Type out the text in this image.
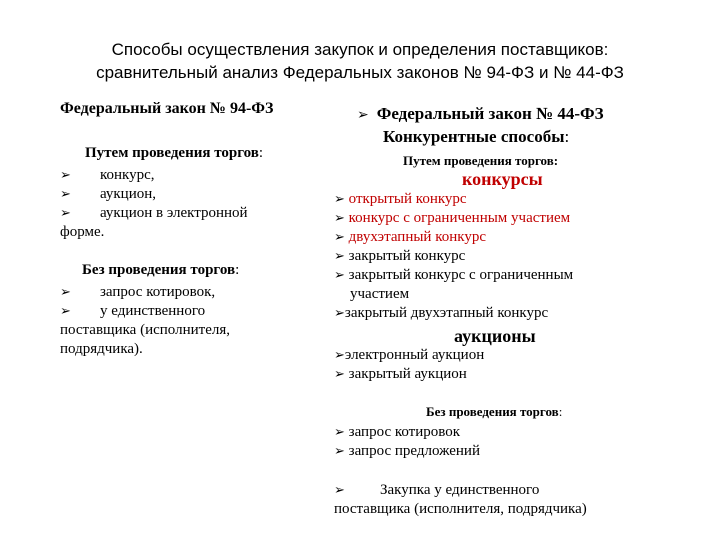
Способы осуществления закупок и определения поставщиков:
сравнительный анализ Федеральных законов № 94-ФЗ и № 44-ФЗ
Федеральный закон № 94-ФЗ
Путем проведения торгов:
➢ конкурс,
➢ аукцион,
➢ аукцион в электронной
форме.
Без проведения торгов:
➢ запрос котировок,
➢ у единственного
поставщика (исполнителя,
подрядчика).
➢ Федеральный закон № 44-ФЗ
Конкурентные способы:
Путем проведения торгов:
конкурсы
➢ открытый конкурс
➢ конкурс с ограниченным участием
➢ двухэтапный конкурс
➢ закрытый конкурс
➢ закрытый конкурс с ограниченным
участием
➢закрытый двухэтапный конкурс
аукционы
➢электронный аукцион
➢ закрытый аукцион
Без проведения торгов:
➢ запрос котировок
➢ запрос предложений
➢ Закупка у единственного
поставщика (исполнителя, подрядчика)
